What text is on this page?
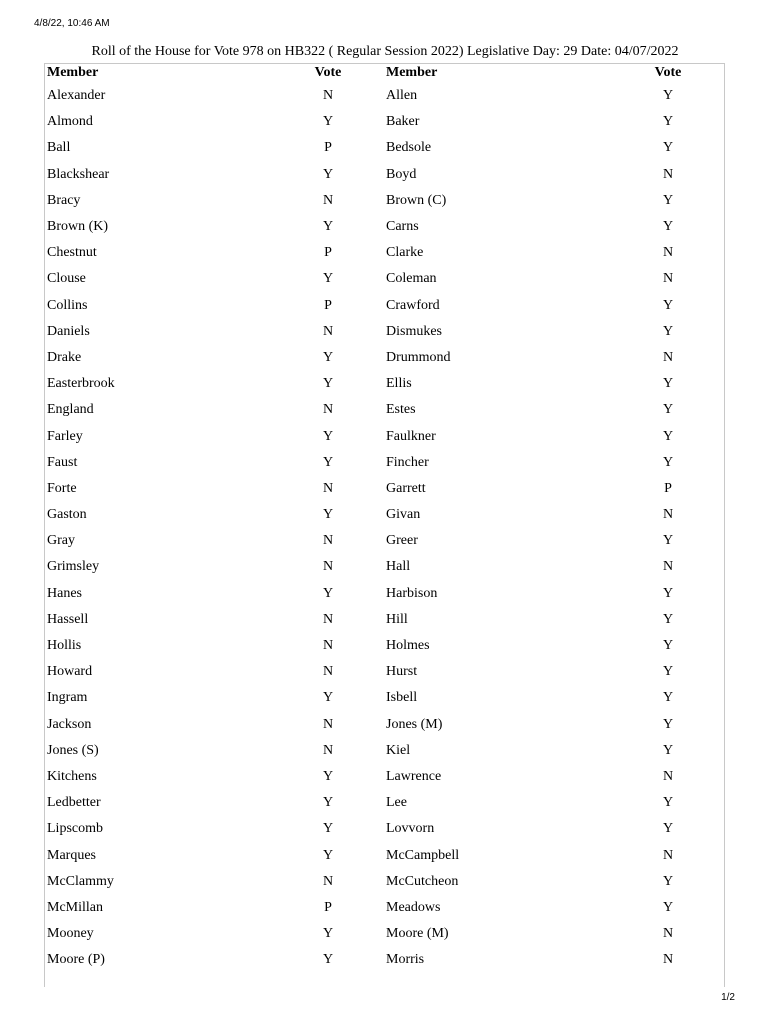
4/8/22, 10:46 AM
Roll of the House for Vote 978 on HB322 ( Regular Session 2022) Legislative Day: 29 Date: 04/07/2022
Member	Vote	Member	Vote
Alexander	N	Allen	Y
Almond	Y	Baker	Y
Ball	P	Bedsole	Y
Blackshear	Y	Boyd	N
Bracy	N	Brown (C)	Y
Brown (K)	Y	Carns	Y
Chestnut	P	Clarke	N
Clouse	Y	Coleman	N
Collins	P	Crawford	Y
Daniels	N	Dismukes	Y
Drake	Y	Drummond	N
Easterbrook	Y	Ellis	Y
England	N	Estes	Y
Farley	Y	Faulkner	Y
Faust	Y	Fincher	Y
Forte	N	Garrett	P
Gaston	Y	Givan	N
Gray	N	Greer	Y
Grimsley	N	Hall	N
Hanes	Y	Harbison	Y
Hassell	N	Hill	Y
Hollis	N	Holmes	Y
Howard	N	Hurst	Y
Ingram	Y	Isbell	Y
Jackson	N	Jones (M)	Y
Jones (S)	N	Kiel	Y
Kitchens	Y	Lawrence	N
Ledbetter	Y	Lee	Y
Lipscomb	Y	Lovvorn	Y
Marques	Y	McCampbell	N
McClammy	N	McCutcheon	Y
McMillan	P	Meadows	Y
Mooney	Y	Moore (M)	N
Moore (P)	Y	Morris	N
1/2
